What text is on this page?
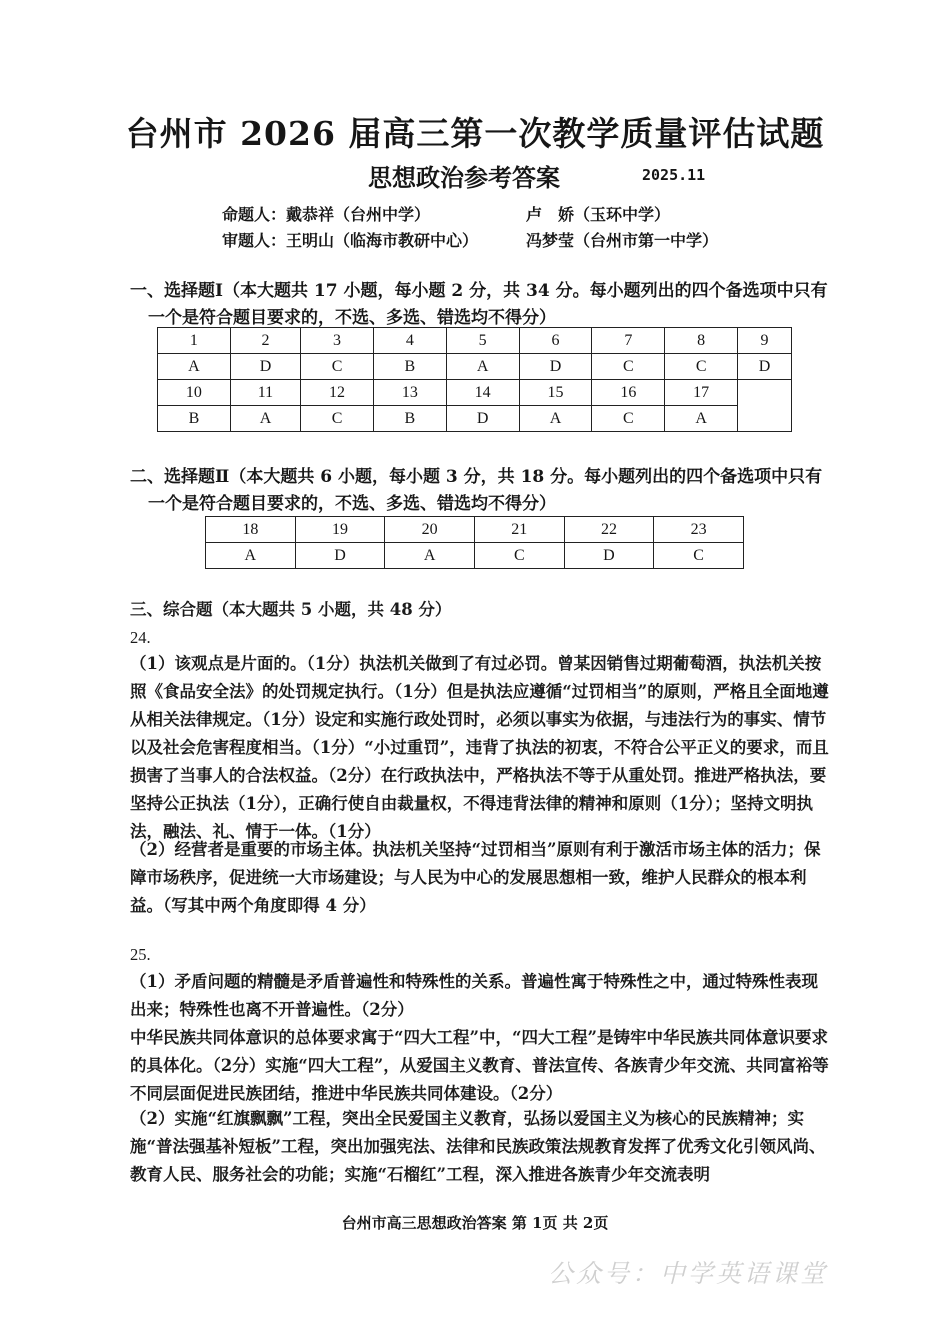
台州市 2026 届高三第一次教学质量评估试题
思想政治参考答案	2025.11
命题人：戴恭祥（台州中学）	卢　娇（玉环中学）
审题人：王明山（临海市教研中心）	冯梦莹（台州市第一中学）
一、选择题Ⅰ（本大题共 17 小题，每小题 2 分，共 34 分。每小题列出的四个备选项中只有
一个是符合题目要求的，不选、多选、错选均不得分）
1	2	3	4	5	6	7	8	9
A	D	C	B	A	D	C	C	D
10	11	12	13	14	15	16	17	
B	A	C	B	D	A	C	A	
二、选择题Ⅱ（本大题共 6 小题，每小题 3 分，共 18 分。每小题列出的四个备选项中只有
一个是符合题目要求的，不选、多选、错选均不得分）
18	19	20	21	22	23
A	D	A	C	D	C
三、综合题（本大题共 5 小题，共 48 分）
24.
（1）该观点是片面的。（1分）执法机关做到了有过必罚。曾某因销售过期葡萄酒，执法机关按照《食品安全法》的处罚规定执行。（1分）但是执法应遵循“过罚相当”的原则，严格且全面地遵从相关法律规定。（1分）设定和实施行政处罚时，必须以事实为依据，与违法行为的事实、情节以及社会危害程度相当。（1分）“小过重罚”，违背了执法的初衷，不符合公平正义的要求，而且损害了当事人的合法权益。（2分）在行政执法中，严格执法不等于从重处罚。推进严格执法，要坚持公正执法（1分），正确行使自由裁量权，不得违背法律的精神和原则（1分）；坚持文明执法，融法、礼、情于一体。（1分）
（2）经营者是重要的市场主体。执法机关坚持“过罚相当”原则有利于激活市场主体的活力；保障市场秩序，促进统一大市场建设；与人民为中心的发展思想相一致，维护人民群众的根本利益。（写其中两个角度即得 4 分）
25.
（1）矛盾问题的精髓是矛盾普遍性和特殊性的关系。普遍性寓于特殊性之中，通过特殊性表现出来；特殊性也离不开普遍性。（2分）
中华民族共同体意识的总体要求寓于“四大工程”中，“四大工程”是铸牢中华民族共同体意识要求的具体化。（2分）实施“四大工程”，从爱国主义教育、普法宣传、各族青少年交流、共同富裕等不同层面促进民族团结，推进中华民族共同体建设。（2分）
（2）实施“红旗飘飘”工程，突出全民爱国主义教育，弘扬以爱国主义为核心的民族精神；实施“普法强基补短板”工程，突出加强宪法、法律和民族政策法规教育发挥了优秀文化引领风尚、教育人民、服务社会的功能；实施“石榴红”工程，深入推进各族青少年交流表明
台州市高三思想政治答案 第 1页 共 2页
公众号：中学英语课堂
